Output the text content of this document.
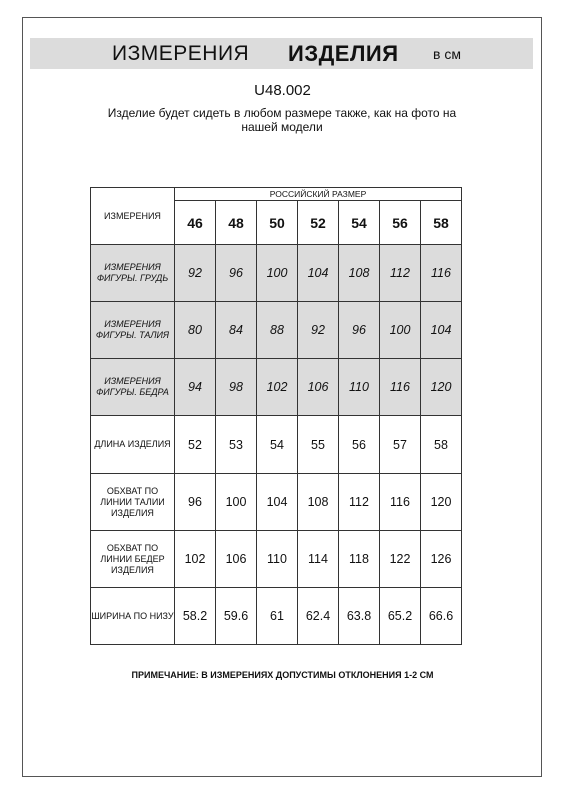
ИЗМЕРЕНИЯ ИЗДЕЛИЯ в см
U48.002
Изделие будет сидеть в любом размере также, как на фото на нашей модели
ИЗМЕРЕНИЯ	РОССИЙСКИЙ РАЗМЕР						
	46	48	50	52	54	56	58
ИЗМЕРЕНИЯ ФИГУРЫ. ГРУДЬ	92	96	100	104	108	112	116
ИЗМЕРЕНИЯ ФИГУРЫ. ТАЛИЯ	80	84	88	92	96	100	104
ИЗМЕРЕНИЯ ФИГУРЫ. БЕДРА	94	98	102	106	110	116	120
ДЛИНА ИЗДЕЛИЯ	52	53	54	55	56	57	58
ОБХВАТ ПО ЛИНИИ ТАЛИИ ИЗДЕЛИЯ	96	100	104	108	112	116	120
ОБХВАТ ПО ЛИНИИ БЕДЕР ИЗДЕЛИЯ	102	106	110	114	118	122	126
ШИРИНА ПО НИЗУ	58.2	59.6	61	62.4	63.8	65.2	66.6
ПРИМЕЧАНИЕ: В ИЗМЕРЕНИЯХ ДОПУСТИМЫ ОТКЛОНЕНИЯ 1-2 СМ
